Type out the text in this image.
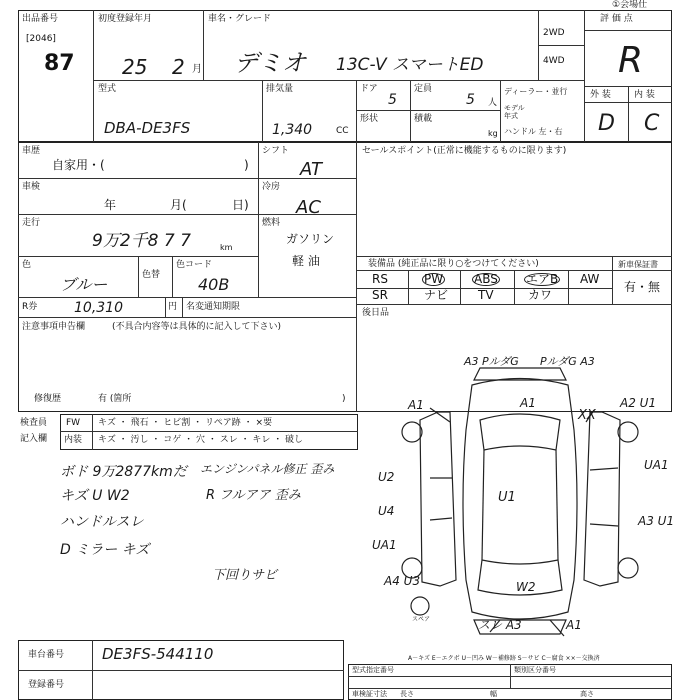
①会場仕
出品番号
[2046]
87
初度登録年月
25 2 月
車名・グレード
デミオ 13C-V スマートED
2WD
4WD
評 価 点
R
型式
DBA-DE3FS
排気量
1,340	CC
ドア
5
定員
5 人
形状	積載
kg
ディーラー・並行
モデル年式
ハンドル 左・右
外 装	内 装
D C
車歴
自家用・(	)
車検
年	月(	日)
走行
9万2千8 7 7	km
色
ブルー	色替
色コード
40B
R券	10,310	円 名変通知期限
注意事項申告欄	(不具合内容等は具体的に記入して下さい)
修復歴	有 (箇所	)
シフト
AT
冷房
AC
燃料
ガソリン
軽 油
セールスポイント(正常に機能するものに限ります)
装備品 (純正品に限り○をつけてください)	新車保証書
有・無
RS	PW	ABS エアB AW
SR	ナビ TV	カワ
後日品
検査員
記入欄
FW キズ ・ 飛石 ・ ヒビ割 ・ リペア跡 ・ ×要
内装 キズ ・ 汚し ・ コゲ ・ 穴 ・ スレ ・ キレ ・ 破し
ボド 9万2877kmだ
キズ U W2
ハンドルスレ
D ミラー キズ
エンジンパネル修正 歪み
R フルアア 歪み
下回りサビ
A3 PルダG PルダG A3
A1	A1
XX
A2 U1
U2
UA1
U4
U1
A3 U1
UA1
A4 U3	W2
スレ A3	A1
スペア
A－キズ E－エクボ U－凹み W－補修跡 S－サビ C－腐食 ××－交換済
車台番号	DE3FS-544110
登録番号
型式指定番号	類別区分番号
車検証寸法 長さ	幅	高さ
